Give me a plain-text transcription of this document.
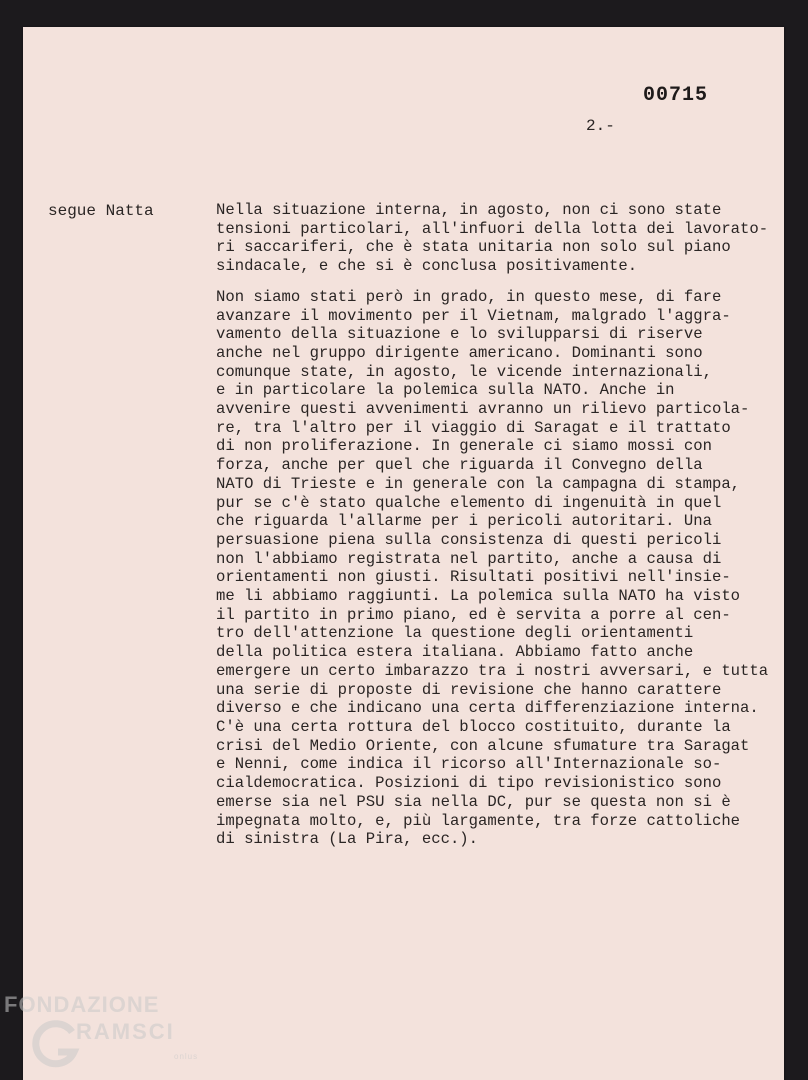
00715
2.-
segue Natta	Nella situazione interna, in agosto, non ci sono state
tensioni particolari, all'infuori della lotta dei lavorato-
ri saccariferi, che è stata unitaria non solo sul piano
sindacale, e che si è conclusa positivamente.

Non siamo stati però in grado, in questo mese, di fare
avanzare il movimento per il Vietnam, malgrado l'aggra-
vamento della situazione e lo svilupparsi di riserve
anche nel gruppo dirigente americano. Dominanti sono
comunque state, in agosto, le vicende internazionali,
e in particolare la polemica sulla NATO. Anche in
avvenire questi avvenimenti avranno un rilievo particola-
re, tra l'altro per il viaggio di Saragat e il trattato
di non proliferazione. In generale ci siamo mossi con
forza, anche per quel che riguarda il Convegno della
NATO di Trieste e in generale con la campagna di stampa,
pur se c'è stato qualche elemento di ingenuità in quel
che riguarda l'allarme per i pericoli autoritari. Una
persuasione piena sulla consistenza di questi pericoli
non l'abbiamo registrata nel partito, anche a causa di
orientamenti non giusti. Risultati positivi nell'insie-
me li abbiamo raggiunti. La polemica sulla NATO ha visto
il partito in primo piano, ed è servita a porre al cen-
tro dell'attenzione la questione degli orientamenti
della politica estera italiana. Abbiamo fatto anche
emergere un certo imbarazzo tra i nostri avversari, e tutta
una serie di proposte di revisione che hanno carattere
diverso e che indicano una certa differenziazione interna.
C'è una certa rottura del blocco costituito, durante la
crisi del Medio Oriente, con alcune sfumature tra Saragat
e Nenni, come indica il ricorso all'Internazionale so-
cialdemocratica. Posizioni di tipo revisionistico sono
emerse sia nel PSU sia nella DC, pur se questa non si è
impegnata molto, e, più largamente, tra forze cattoliche
di sinistra (La Pira, ecc.).

FONDAZIONE
RAMSCI
onlus
